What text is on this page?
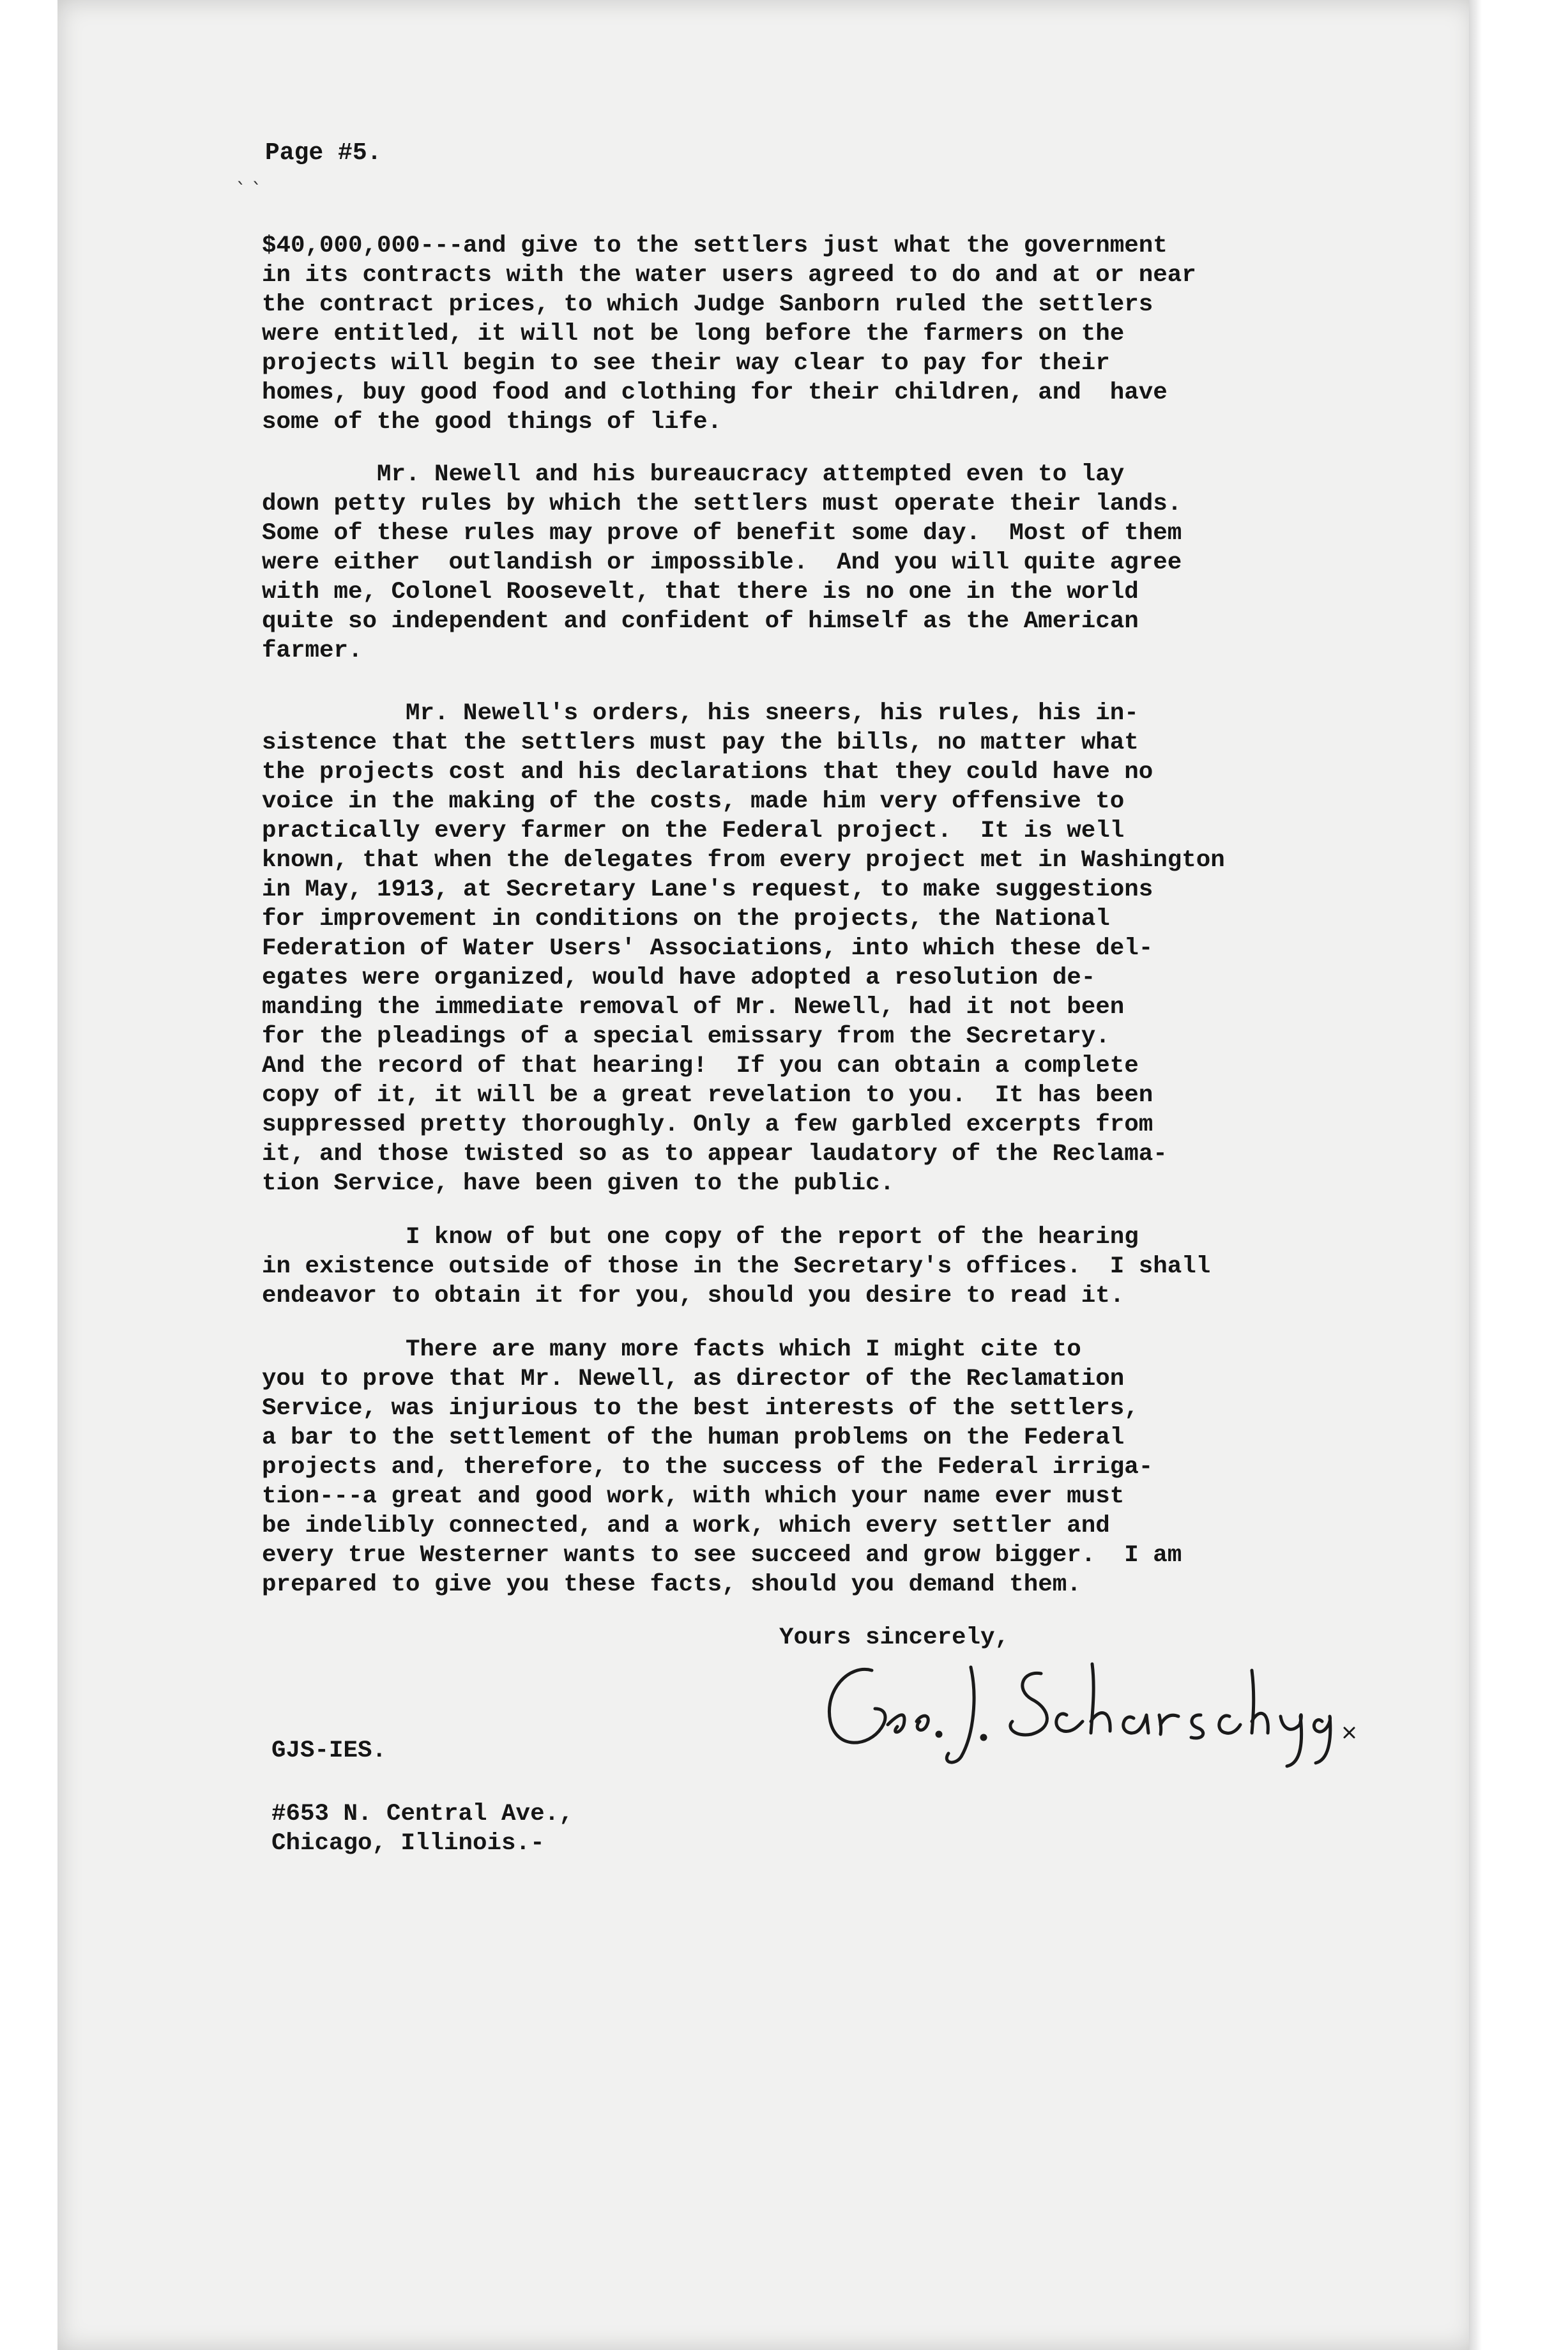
ˎ ˎ
Page #5.

$40,000,000---and give to the settlers just what the government
in its contracts with the water users agreed to do and at or near
the contract prices, to which Judge Sanborn ruled the settlers
were entitled, it will not be long before the farmers on the
projects will begin to see their way clear to pay for their
homes, buy good food and clothing for their children, and  have
some of the good things of life.

Mr. Newell and his bureaucracy attempted even to lay
down petty rules by which the settlers must operate their lands.
Some of these rules may prove of benefit some day.  Most of them
were either  outlandish or impossible.  And you will quite agree
with me, Colonel Roosevelt, that there is no one in the world
quite so independent and confident of himself as the American
farmer.

Mr. Newell's orders, his sneers, his rules, his in-
sistence that the settlers must pay the bills, no matter what
the projects cost and his declarations that they could have no
voice in the making of the costs, made him very offensive to
practically every farmer on the Federal project.  It is well
known, that when the delegates from every project met in Washington
in May, 1913, at Secretary Lane's request, to make suggestions
for improvement in conditions on the projects, the National
Federation of Water Users' Associations, into which these del-
egates were organized, would have adopted a resolution de-
manding the immediate removal of Mr. Newell, had it not been
for the pleadings of a special emissary from the Secretary.
And the record of that hearing!  If you can obtain a complete
copy of it, it will be a great revelation to you.  It has been
suppressed pretty thoroughly. Only a few garbled excerpts from
it, and those twisted so as to appear laudatory of the Reclama-
tion Service, have been given to the public.

I know of but one copy of the report of the hearing
in existence outside of those in the Secretary's offices.  I shall
endeavor to obtain it for you, should you desire to read it.

There are many more facts which I might cite to
you to prove that Mr. Newell, as director of the Reclamation
Service, was injurious to the best interests of the settlers,
a bar to the settlement of the human problems on the Federal
projects and, therefore, to the success of the Federal irriga-
tion---a great and good work, with which your name ever must
be indelibly connected, and a work, which every settler and
every true Westerner wants to see succeed and grow bigger.  I am
prepared to give you these facts, should you demand them.

Yours sincerely,
GJS-IES.

#653 N. Central Ave.,
Chicago, Illinois.-
